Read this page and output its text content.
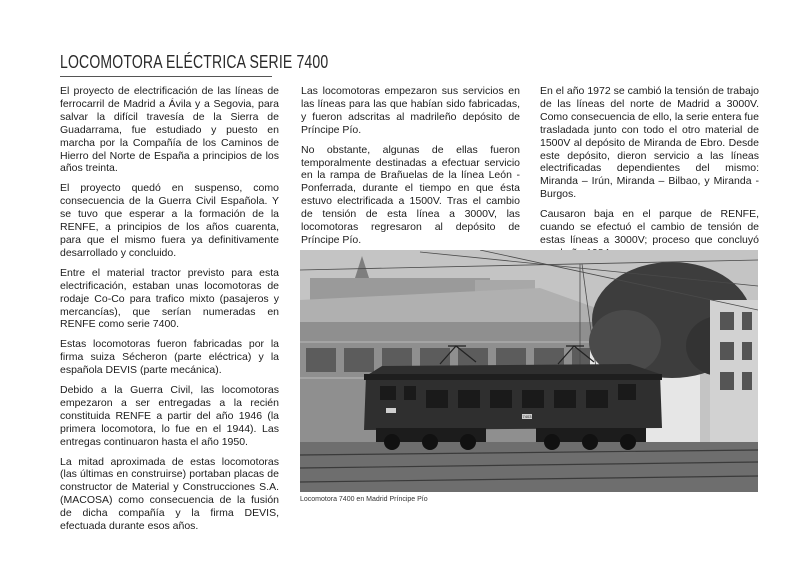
LOCOMOTORA ELÉCTRICA SERIE 7400

El proyecto de electrificación de las líneas de ferrocarril de Madrid a Ávila y a Segovia, para salvar la difícil travesía de la Sierra de Guadarrama, fue estudiado y puesto en marcha por la Compañía de los Caminos de Hierro del Norte de España a principios de los años treinta.

El proyecto quedó en suspenso, como consecuencia de la Guerra Civil Española. Y se tuvo que esperar a la formación de la RENFE, a principios de los años cuarenta, para que el mismo fuera ya definitivamente desarrollado y concluido.

Entre el material tractor previsto para esta electrificación, estaban unas locomotoras de rodaje Co-Co para trafico mixto (pasajeros y mercancías), que serían numeradas en RENFE como serie 7400.

Estas locomotoras fueron fabricadas por la firma suiza Sécheron (parte eléctrica) y la española DEVIS (parte mecánica).

Debido a la Guerra Civil, las locomotoras empezaron a ser entregadas a la recién constituida RENFE a partir del año 1946 (la primera locomotora, lo fue en el 1944). Las entregas continuaron hasta el año 1950.

La mitad aproximada de estas locomotoras (las últimas en construirse) portaban placas de constructor de Material y Construcciones S.A. (MACOSA) como consecuencia de la fusión de dicha compañía y la firma DEVIS, efectuada durante esos años.

Las locomotoras empezaron sus servicios en las líneas para las que habían sido fabricadas, y fueron adscritas al madrileño depósito de Príncipe Pío.

No obstante, algunas de ellas fueron temporalmente destinadas a efectuar servicio en la rampa de Brañuelas de la línea León - Ponferrada, durante el tiempo en que ésta estuvo electrificada a 1500V. Tras el cambio de tensión de esta línea a 3000V, las locomotoras regresaron al depósito de Príncipe Pío.

En el año 1972 se cambió la tensión de trabajo de las líneas del norte de Madrid a 3000V. Como consecuencia de ello, la serie entera fue trasladada junto con todo el otro material de 1500V al depósito de Miranda de Ebro. Desde este depósito, dieron servicio a las líneas electrificadas dependientes del mismo: Miranda – Irún, Miranda – Bilbao, y Miranda - Burgos.

Causaron baja en el parque de RENFE, cuando se efectuó el cambio de tensión de estas líneas a 3000V; proceso que concluyó

7403
Locomotora 7400 en Madrid Príncipe Pío
